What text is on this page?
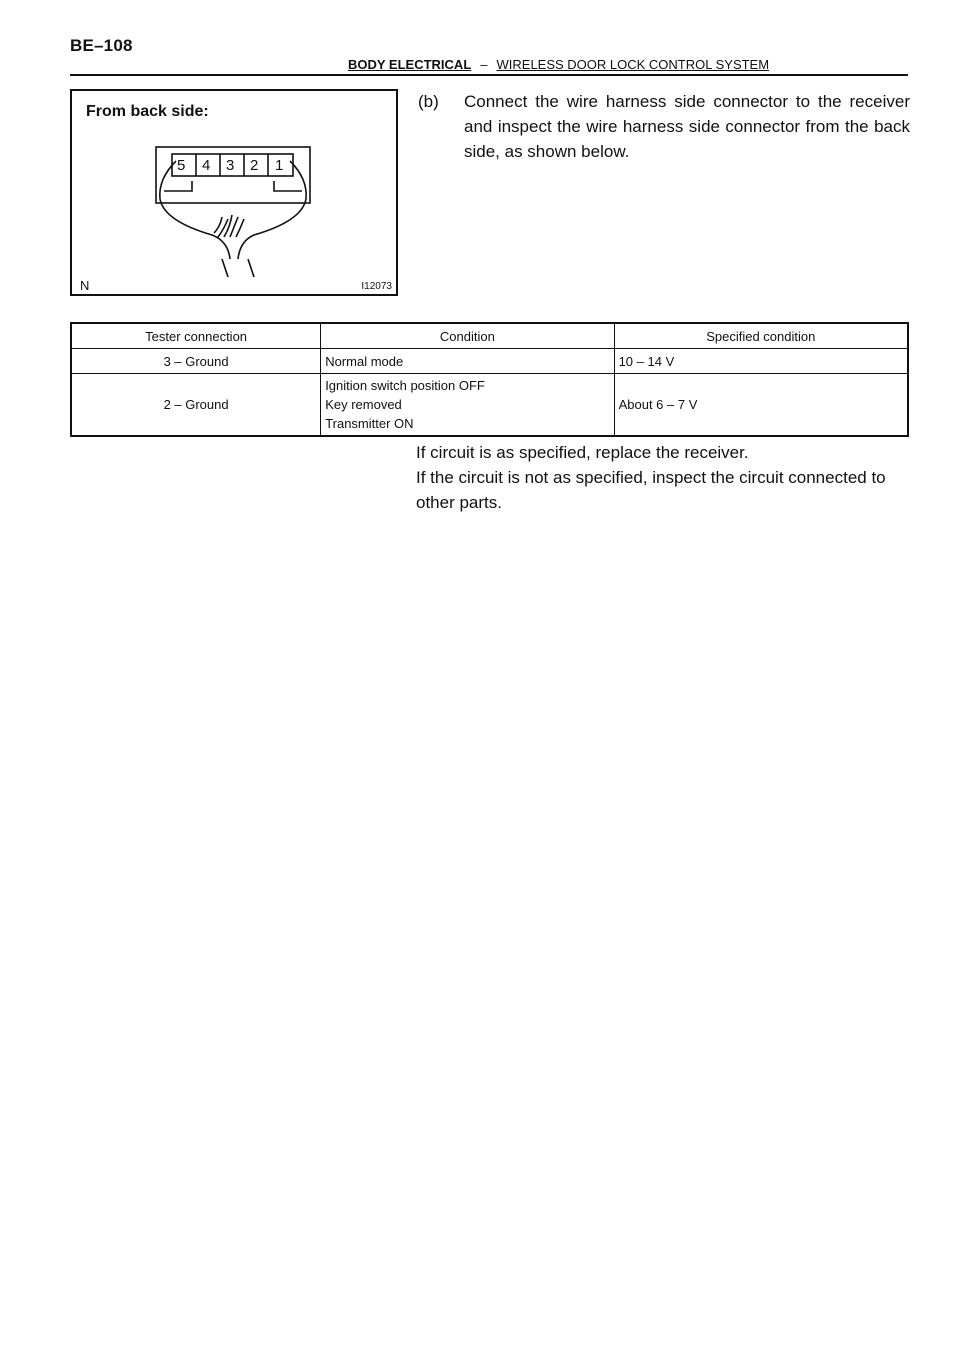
BE–108
BODY ELECTRICAL – WIRELESS DOOR LOCK CONTROL SYSTEM
From back side:
5 4 3 2 1
N	I12073
(b) Connect the wire harness side connector to the receiver and inspect the wire harness side connector from the back side, as shown below.
Tester connection	Condition	Specified condition
3 – Ground	Normal mode	10 – 14 V
2 – Ground	Ignition switch position OFF
Key removed
Transmitter ON	About 6 – 7 V

If circuit is as specified, replace the receiver.

If the circuit is not as specified, inspect the circuit connected to other parts.
